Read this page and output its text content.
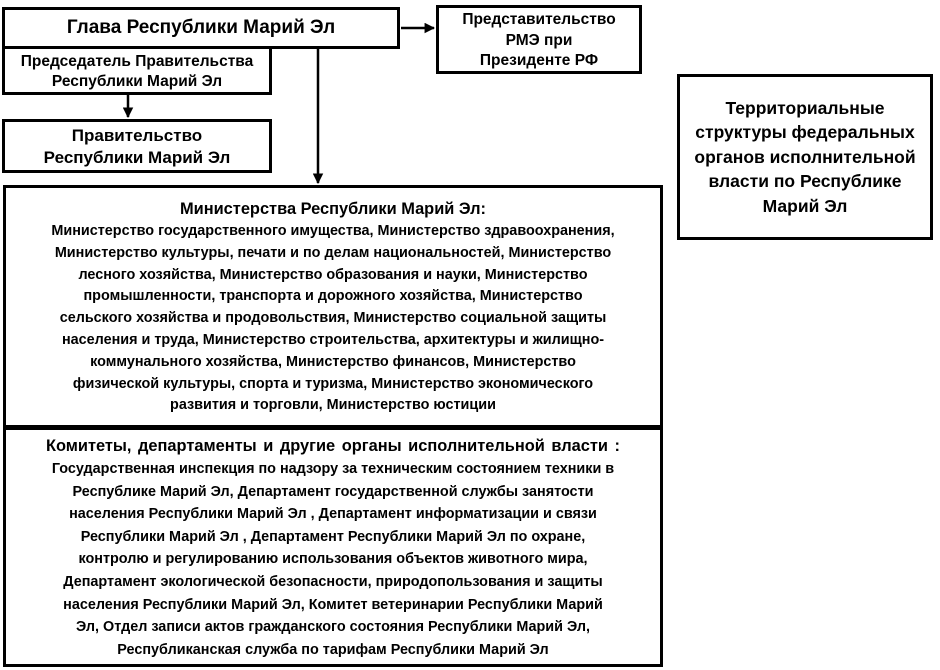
Глава Республики Марий Эл
Председатель Правительства
Республики Марий Эл
Правительство
Республики Марий Эл
Представительство
РМЭ при
Президенте РФ
Территориальные
структуры федеральных
органов исполнительной
власти по Республике
Марий Эл
Министерства Республики Марий Эл:
Министерство государственного имущества, Министерство здравоохранения,
Министерство культуры, печати и по делам национальностей, Министерство
лесного хозяйства, Министерство образования и науки, Министерство
промышленности, транспорта и дорожного хозяйства, Министерство
сельского хозяйства и продовольствия, Министерство социальной защиты
населения и труда, Министерство строительства, архитектуры и жилищно-
коммунального хозяйства, Министерство финансов, Министерство
физической культуры, спорта и туризма, Министерство экономического
развития и торговли, Министерство юстиции
Комитеты, департаменты и другие органы исполнительной власти :
Государственная инспекция по надзору за техническим состоянием техники в
Республике Марий Эл, Департамент государственной службы занятости
населения Республики Марий Эл , Департамент информатизации и связи
Республики Марий Эл , Департамент Республики Марий Эл по охране,
контролю и регулированию использования объектов животного мира,
Департамент экологической безопасности, природопользования и защиты
населения Республики Марий Эл, Комитет ветеринарии Республики Марий
Эл, Отдел записи актов гражданского состояния Республики Марий Эл,
Республиканская служба по тарифам Республики Марий Эл
